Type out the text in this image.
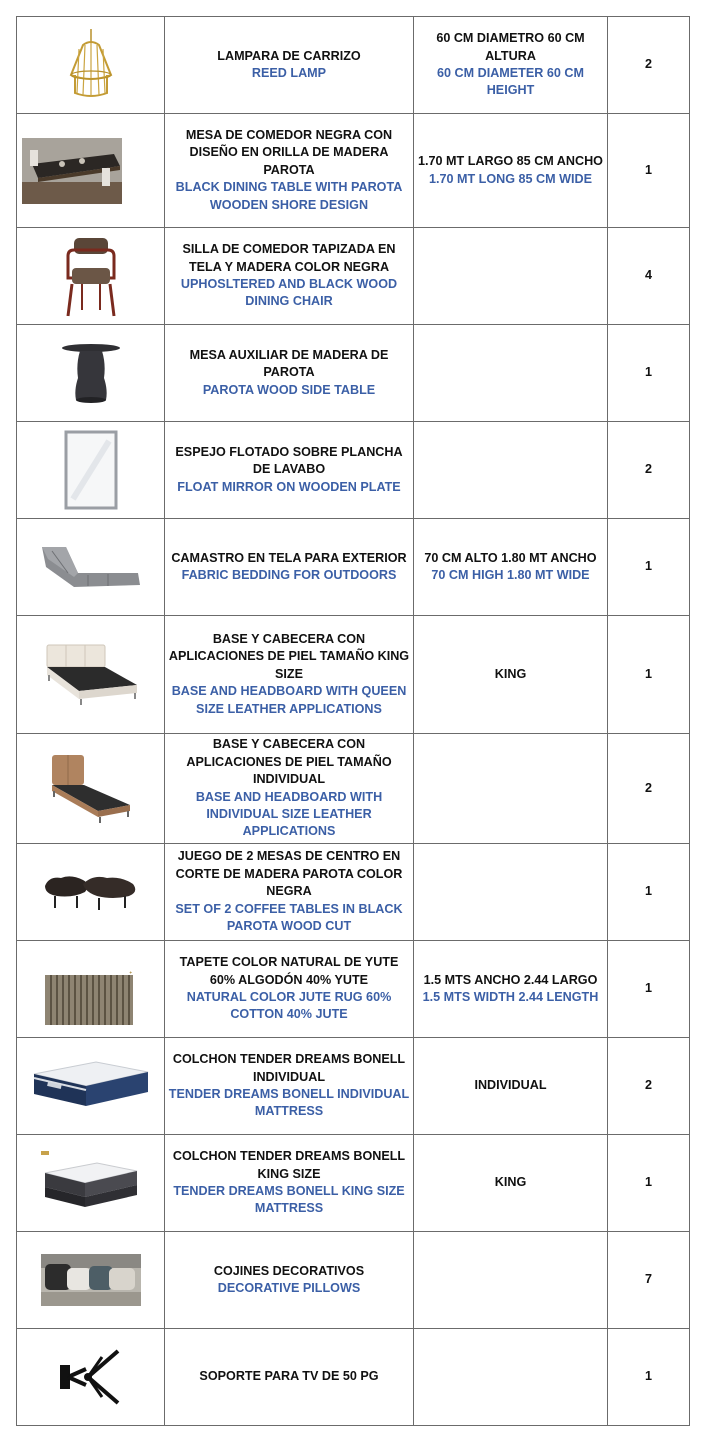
LAMPARA DE CARRIZO
REED LAMP	60 CM DIAMETRO 60 CM ALTURA
60 CM DIAMETER 60 CM HEIGHT	2

MESA DE COMEDOR NEGRA CON DISEÑO EN ORILLA DE MADERA PAROTA
BLACK DINING TABLE WITH PAROTA WOODEN SHORE DESIGN	1.70 MT LARGO 85 CM ANCHO
1.70 MT LONG 85 CM WIDE	1

SILLA DE COMEDOR TAPIZADA EN TELA Y MADERA COLOR NEGRA
UPHOSLTERED AND BLACK WOOD DINING CHAIR		4

MESA AUXILIAR DE MADERA DE PAROTA
PAROTA WOOD SIDE TABLE		1

ESPEJO FLOTADO SOBRE PLANCHA DE LAVABO
FLOAT MIRROR ON WOODEN PLATE		2

CAMASTRO EN TELA PARA EXTERIOR
FABRIC BEDDING FOR OUTDOORS	70 CM ALTO 1.80 MT ANCHO
70 CM HIGH 1.80 MT WIDE	1

BASE Y CABECERA CON APLICACIONES DE PIEL TAMAÑO KING SIZE
BASE AND HEADBOARD WITH QUEEN SIZE LEATHER APPLICATIONS	KING	1

BASE Y CABECERA CON APLICACIONES DE PIEL TAMAÑO INDIVIDUAL
BASE AND HEADBOARD WITH INDIVIDUAL SIZE LEATHER APPLICATIONS		2

JUEGO DE 2 MESAS DE CENTRO EN CORTE DE MADERA PAROTA COLOR NEGRA
SET OF 2 COFFEE TABLES IN BLACK PAROTA WOOD CUT		1

✦	TAPETE COLOR NATURAL DE YUTE 60% ALGODÓN 40% YUTE
NATURAL COLOR JUTE RUG 60% COTTON 40% JUTE	1.5 MTS ANCHO 2.44 LARGO
1.5 MTS WIDTH 2.44 LENGTH	1

COLCHON TENDER DREAMS BONELL INDIVIDUAL
TENDER DREAMS BONELL INDIVIDUAL MATTRESS	INDIVIDUAL	2

COLCHON TENDER DREAMS BONELL KING SIZE
TENDER DREAMS BONELL KING SIZE MATTRESS	KING	1

COJINES DECORATIVOS
DECORATIVE PILLOWS		7

SOPORTE PARA TV DE 50 PG		1
